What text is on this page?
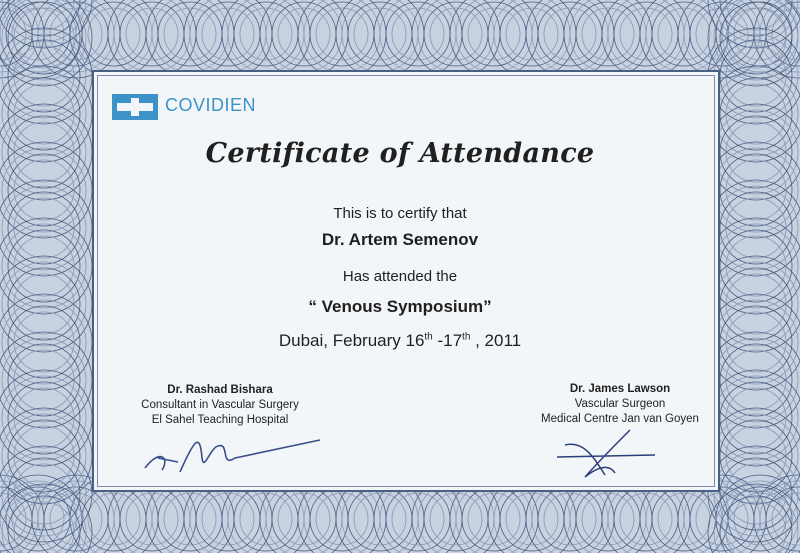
COVIDIEN
Certificate of Attendance
This is to certify that
Dr. Artem Semenov
Has attended the
“ Venous Symposium”
Dubai, February 16th -17th , 2011
Dr. Rashad Bishara
Consultant in Vascular Surgery
El Sahel Teaching Hospital
Dr. James Lawson
Vascular Surgeon
Medical Centre Jan van Goyen
